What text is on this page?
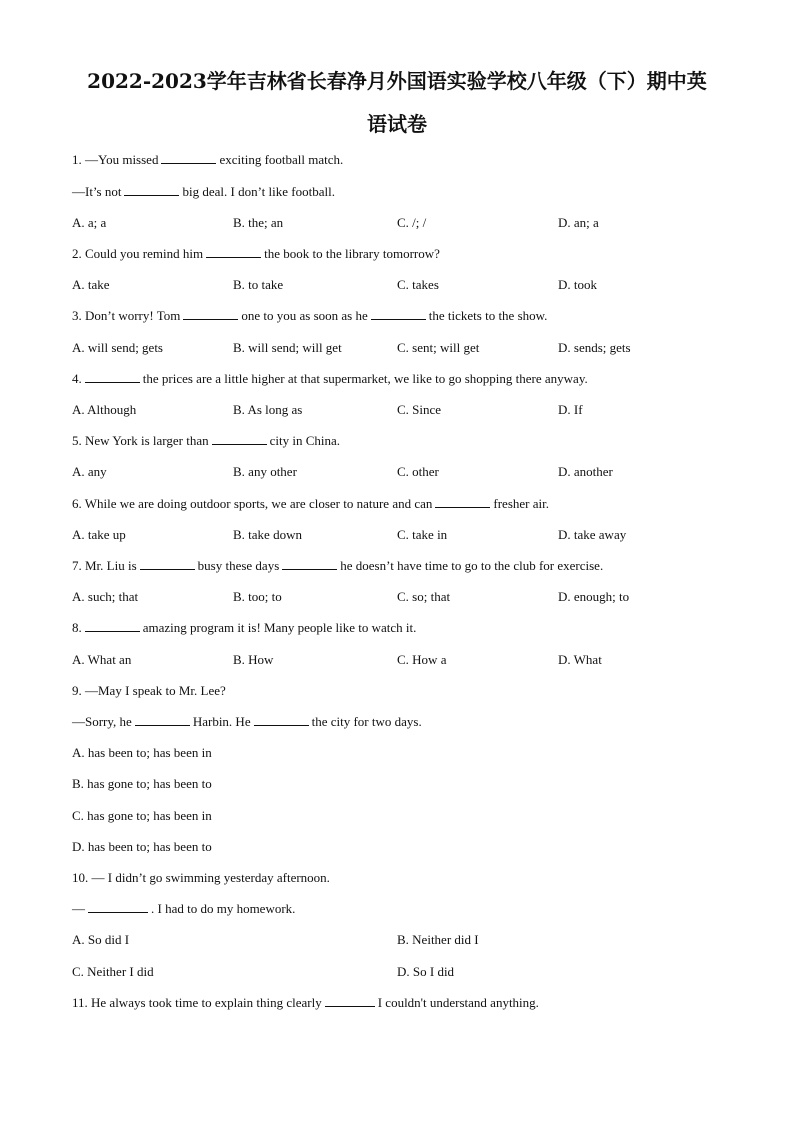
2022-2023学年吉林省长春净月外国语实验学校八年级（下）期中英
语试卷
1. —You missed	exciting football match.
—It’s not	big deal. I don’t like football.
A. a; a	B. the; an	C. /; /	D. an; a
2. Could you remind him	the book to the library tomorrow?
A. take	B. to take	C. takes	D. took
3. Don’t worry! Tom	one to you as soon as he	the tickets to the show.
A. will send; gets	B. will send; will get	C. sent; will get	D. sends; gets
4.	the prices are a little higher at that supermarket, we like to go shopping there anyway.
A. Although	B. As long as	C. Since	D. If
5. New York is larger than	city in China.
A. any	B. any other	C. other	D. another
6. While we are doing outdoor sports, we are closer to nature and can	fresher air.
A. take up	B. take down	C. take in	D. take away
7. Mr. Liu is	busy these days	he doesn’t have time to go to the club for exercise.
A. such; that	B. too; to	C. so; that	D. enough; to
8.	amazing program it is! Many people like to watch it.
A. What an	B. How	C. How a	D. What
9. —May I speak to Mr. Lee?
—Sorry, he	Harbin. He	the city for two days.
A. has been to; has been in
B. has gone to; has been to
C. has gone to; has been in
D. has been to; has been to
10. — I didn’t go swimming yesterday afternoon.
—	. I had to do my homework.
A. So did I	B. Neither did I
C. Neither I did	D. So I did
11. He always took time to explain thing clearly	I couldn't understand anything.
